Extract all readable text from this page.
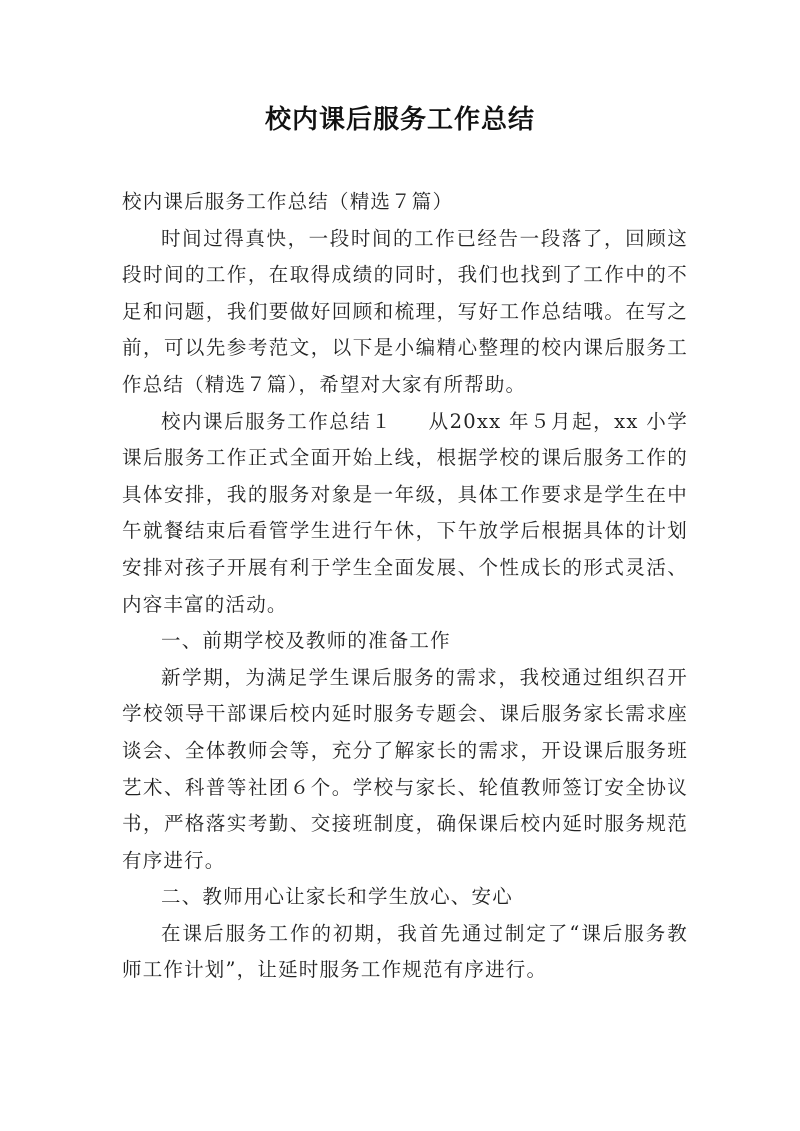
校内课后服务工作总结

校内课后服务工作总结（精选７篇）

时间过得真快，一段时间的工作已经告一段落了，回顾这段时间的工作，在取得成绩的同时，我们也找到了工作中的不足和问题，我们要做好回顾和梳理，写好工作总结哦。在写之前，可以先参考范文，以下是小编精心整理的校内课后服务工作总结（精选７篇），希望对大家有所帮助。

校内课后服务工作总结１ 从20xx 年５月起，xx 小学课后服务工作正式全面开始上线，根据学校的课后服务工作的具体安排，我的服务对象是一年级，具体工作要求是学生在中午就餐结束后看管学生进行午休，下午放学后根据具体的计划安排对孩子开展有利于学生全面发展、个性成长的形式灵活、内容丰富的活动。

一、前期学校及教师的准备工作

新学期，为满足学生课后服务的需求，我校通过组织召开学校领导干部课后校内延时服务专题会、课后服务家长需求座谈会、全体教师会等，充分了解家长的需求，开设课后服务班艺术、科普等社团６个。学校与家长、轮值教师签订安全协议书，严格落实考勤、交接班制度，确保课后校内延时服务规范有序进行。

二、教师用心让家长和学生放心、安心

在课后服务工作的初期，我首先通过制定了“课后服务教师工作计划”，让延时服务工作规范有序进行。
